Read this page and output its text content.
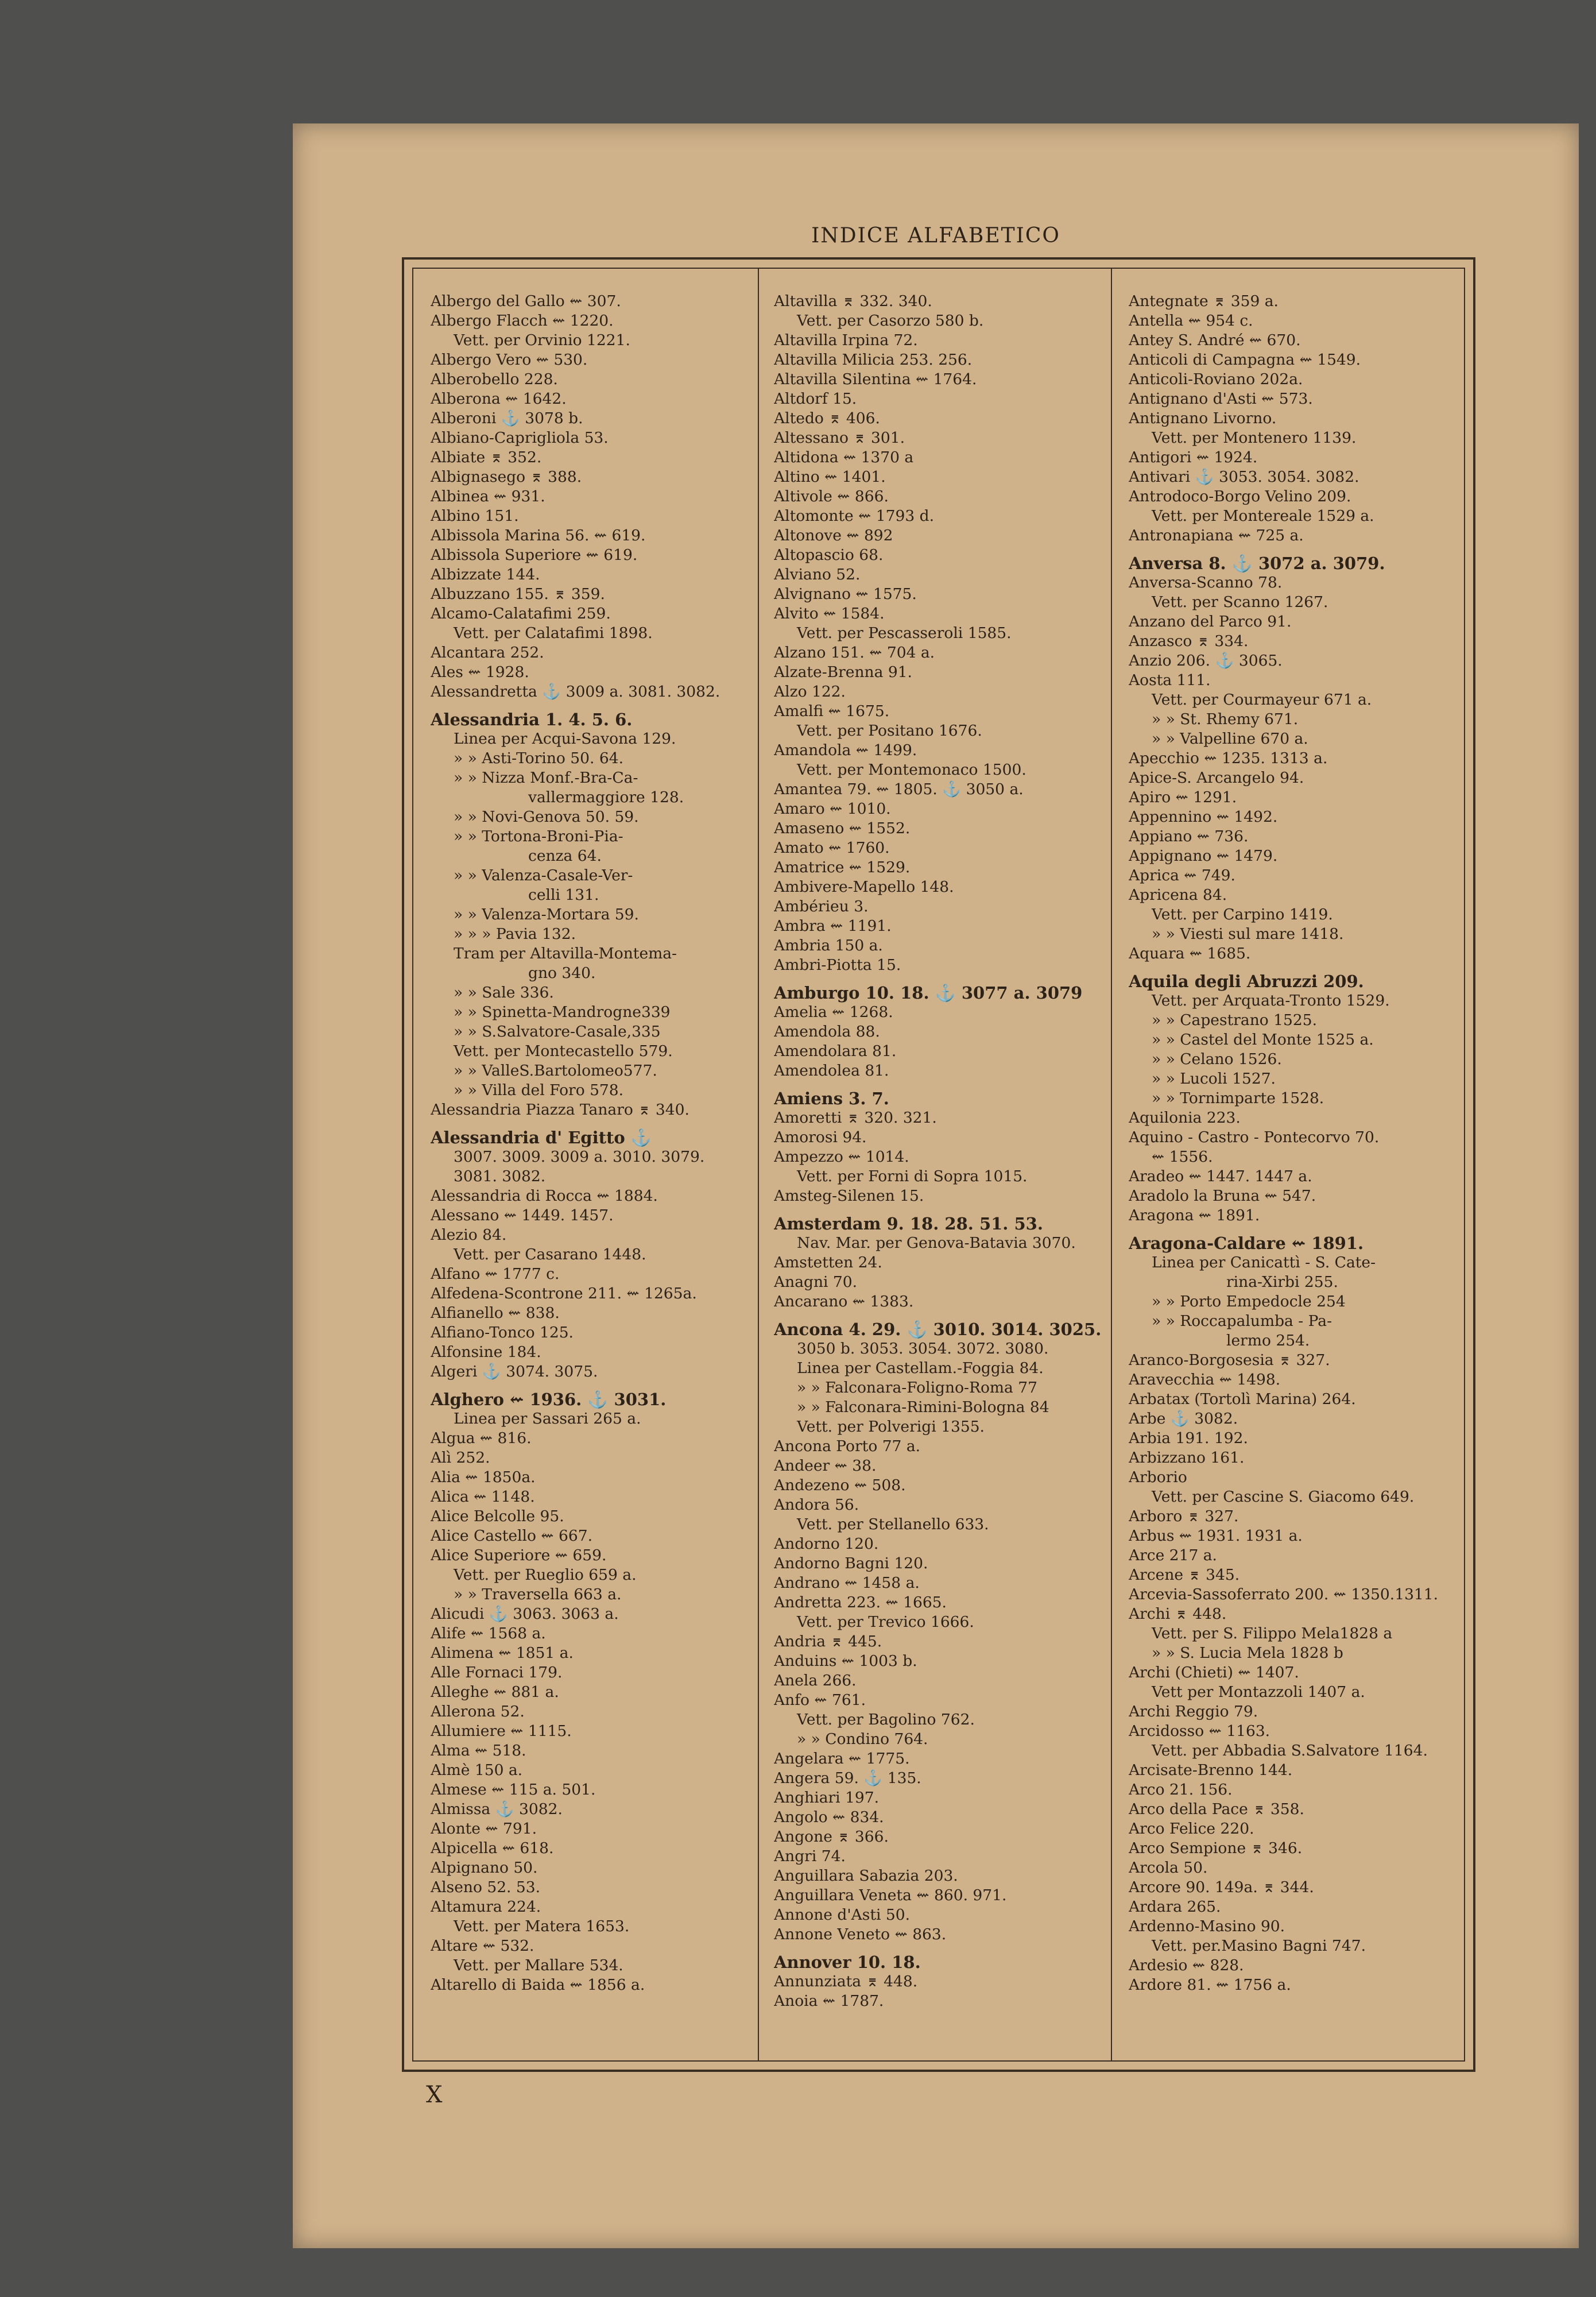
INDICE ALFABETICO
Albergo del Gallo ⇜ 307.
Albergo Flacch ⇜ 1220.
Vett. per Orvinio 1221.
Albergo Vero ⇜ 530.
Alberobello 228.
Alberona ⇜ 1642.
Alberoni ⚓ 3078 b.
Albiano-Caprigliola 53.
Albiate ⌆ 352.
Albignasego ⌆ 388.
Albinea ⇜ 931.
Albino 151.
Albissola Marina 56. ⇜ 619.
Albissola Superiore ⇜ 619.
Albizzate 144.
Albuzzano 155. ⌆ 359.
Alcamo-Calatafimi 259.
Vett. per Calatafimi 1898.
Alcantara 252.
Ales ⇜ 1928.
Alessandretta ⚓ 3009 a. 3081. 3082.
Alessandria 1. 4. 5. 6.
Linea per Acqui-Savona 129.
» » Asti-Torino 50. 64.
» » Nizza Monf.-Bra-Ca-
vallermaggiore 128.
» » Novi-Genova 50. 59.
» » Tortona-Broni-Pia-
cenza 64.
» » Valenza-Casale-Ver-
celli 131.
» » Valenza-Mortara 59.
» » » Pavia 132.
Tram per Altavilla-Montema-
gno 340.
» » Sale 336.
» » Spinetta-Mandrogne339
» » S.Salvatore-Casale,335
Vett. per Montecastello 579.
» » ValleS.Bartolomeo577.
» » Villa del Foro 578.
Alessandria Piazza Tanaro ⌆ 340.
Alessandria d' Egitto ⚓
3007. 3009. 3009 a. 3010. 3079.
3081. 3082.
Alessandria di Rocca ⇜ 1884.
Alessano ⇜ 1449. 1457.
Alezio 84.
Vett. per Casarano 1448.
Alfano ⇜ 1777 c.
Alfedena-Scontrone 211. ⇜ 1265a.
Alfianello ⇜ 838.
Alfiano-Tonco 125.
Alfonsine 184.
Algeri ⚓ 3074. 3075.
Alghero ⇜ 1936. ⚓ 3031.
Linea per Sassari 265 a.
Algua ⇜ 816.
Alì 252.
Alia ⇜ 1850a.
Alica ⇜ 1148.
Alice Belcolle 95.
Alice Castello ⇜ 667.
Alice Superiore ⇜ 659.
Vett. per Rueglio 659 a.
» » Traversella 663 a.
Alicudi ⚓ 3063. 3063 a.
Alife ⇜ 1568 a.
Alimena ⇜ 1851 a.
Alle Fornaci 179.
Alleghe ⇜ 881 a.
Allerona 52.
Allumiere ⇜ 1115.
Alma ⇜ 518.
Almè 150 a.
Almese ⇜ 115 a. 501.
Almissa ⚓ 3082.
Alonte ⇜ 791.
Alpicella ⇜ 618.
Alpignano 50.
Alseno 52. 53.
Altamura 224.
Vett. per Matera 1653.
Altare ⇜ 532.
Vett. per Mallare 534.
Altarello di Baida ⇜ 1856 a.
Altavilla ⌆ 332. 340.
Vett. per Casorzo 580 b.
Altavilla Irpina 72.
Altavilla Milicia 253. 256.
Altavilla Silentina ⇜ 1764.
Altdorf 15.
Altedo ⌆ 406.
Altessano ⌆ 301.
Altidona ⇜ 1370 a
Altino ⇜ 1401.
Altivole ⇜ 866.
Altomonte ⇜ 1793 d.
Altonove ⇜ 892
Altopascio 68.
Alviano 52.
Alvignano ⇜ 1575.
Alvito ⇜ 1584.
Vett. per Pescasseroli 1585.
Alzano 151. ⇜ 704 a.
Alzate-Brenna 91.
Alzo 122.
Amalfi ⇜ 1675.
Vett. per Positano 1676.
Amandola ⇜ 1499.
Vett. per Montemonaco 1500.
Amantea 79. ⇜ 1805. ⚓ 3050 a.
Amaro ⇜ 1010.
Amaseno ⇜ 1552.
Amato ⇜ 1760.
Amatrice ⇜ 1529.
Ambivere-Mapello 148.
Ambérieu 3.
Ambra ⇜ 1191.
Ambria 150 a.
Ambri-Piotta 15.
Amburgo 10. 18. ⚓ 3077 a. 3079
Amelia ⇜ 1268.
Amendola 88.
Amendolara 81.
Amendolea 81.
Amiens 3. 7.
Amoretti ⌆ 320. 321.
Amorosi 94.
Ampezzo ⇜ 1014.
Vett. per Forni di Sopra 1015.
Amsteg-Silenen 15.
Amsterdam 9. 18. 28. 51. 53.
Nav. Mar. per Genova-Batavia 3070.
Amstetten 24.
Anagni 70.
Ancarano ⇜ 1383.
Ancona 4. 29. ⚓ 3010. 3014. 3025.
3050 b. 3053. 3054. 3072. 3080.
Linea per Castellam.-Foggia 84.
» » Falconara-Foligno-Roma 77
» » Falconara-Rimini-Bologna 84
Vett. per Polverigi 1355.
Ancona Porto 77 a.
Andeer ⇜ 38.
Andezeno ⇜ 508.
Andora 56.
Vett. per Stellanello 633.
Andorno 120.
Andorno Bagni 120.
Andrano ⇜ 1458 a.
Andretta 223. ⇜ 1665.
Vett. per Trevico 1666.
Andria ⌆ 445.
Anduins ⇜ 1003 b.
Anela 266.
Anfo ⇜ 761.
Vett. per Bagolino 762.
» » Condino 764.
Angelara ⇜ 1775.
Angera 59. ⚓ 135.
Anghiari 197.
Angolo ⇜ 834.
Angone ⌆ 366.
Angri 74.
Anguillara Sabazia 203.
Anguillara Veneta ⇜ 860. 971.
Annone d'Asti 50.
Annone Veneto ⇜ 863.
Annover 10. 18.
Annunziata ⌆ 448.
Anoia ⇜ 1787.
Antegnate ⌆ 359 a.
Antella ⇜ 954 c.
Antey S. André ⇜ 670.
Anticoli di Campagna ⇜ 1549.
Anticoli-Roviano 202a.
Antignano d'Asti ⇜ 573.
Antignano Livorno.
Vett. per Montenero 1139.
Antigori ⇜ 1924.
Antivari ⚓ 3053. 3054. 3082.
Antrodoco-Borgo Velino 209.
Vett. per Montereale 1529 a.
Antronapiana ⇜ 725 a.
Anversa 8. ⚓ 3072 a. 3079.
Anversa-Scanno 78.
Vett. per Scanno 1267.
Anzano del Parco 91.
Anzasco ⌆ 334.
Anzio 206. ⚓ 3065.
Aosta 111.
Vett. per Courmayeur 671 a.
» » St. Rhemy 671.
» » Valpelline 670 a.
Apecchio ⇜ 1235. 1313 a.
Apice-S. Arcangelo 94.
Apiro ⇜ 1291.
Appennino ⇜ 1492.
Appiano ⇜ 736.
Appignano ⇜ 1479.
Aprica ⇜ 749.
Apricena 84.
Vett. per Carpino 1419.
» » Viesti sul mare 1418.
Aquara ⇜ 1685.
Aquila degli Abruzzi 209.
Vett. per Arquata-Tronto 1529.
» » Capestrano 1525.
» » Castel del Monte 1525 a.
» » Celano 1526.
» » Lucoli 1527.
» » Tornimparte 1528.
Aquilonia 223.
Aquino - Castro - Pontecorvo 70.
⇜ 1556.
Aradeo ⇜ 1447. 1447 a.
Aradolo la Bruna ⇜ 547.
Aragona ⇜ 1891.
Aragona-Caldare ⇜ 1891.
Linea per Canicattì - S. Cate-
rina-Xirbi 255.
» » Porto Empedocle 254
» » Roccapalumba - Pa-
lermo 254.
Aranco-Borgosesia ⌆ 327.
Aravecchia ⇜ 1498.
Arbatax (Tortolì Marina) 264.
Arbe ⚓ 3082.
Arbia 191. 192.
Arbizzano 161.
Arborio
Vett. per Cascine S. Giacomo 649.
Arboro ⌆ 327.
Arbus ⇜ 1931. 1931 a.
Arce 217 a.
Arcene ⌆ 345.
Arcevia-Sassoferrato 200. ⇜ 1350.1311.
Archi ⌆ 448.
Vett. per S. Filippo Mela1828 a
» » S. Lucia Mela 1828 b
Archi (Chieti) ⇜ 1407.
Vett per Montazzoli 1407 a.
Archi Reggio 79.
Arcidosso ⇜ 1163.
Vett. per Abbadia S.Salvatore 1164.
Arcisate-Brenno 144.
Arco 21. 156.
Arco della Pace ⌆ 358.
Arco Felice 220.
Arco Sempione ⌆ 346.
Arcola 50.
Arcore 90. 149a. ⌆ 344.
Ardara 265.
Ardenno-Masino 90.
Vett. per.Masino Bagni 747.
Ardesio ⇜ 828.
Ardore 81. ⇜ 1756 a.
X
